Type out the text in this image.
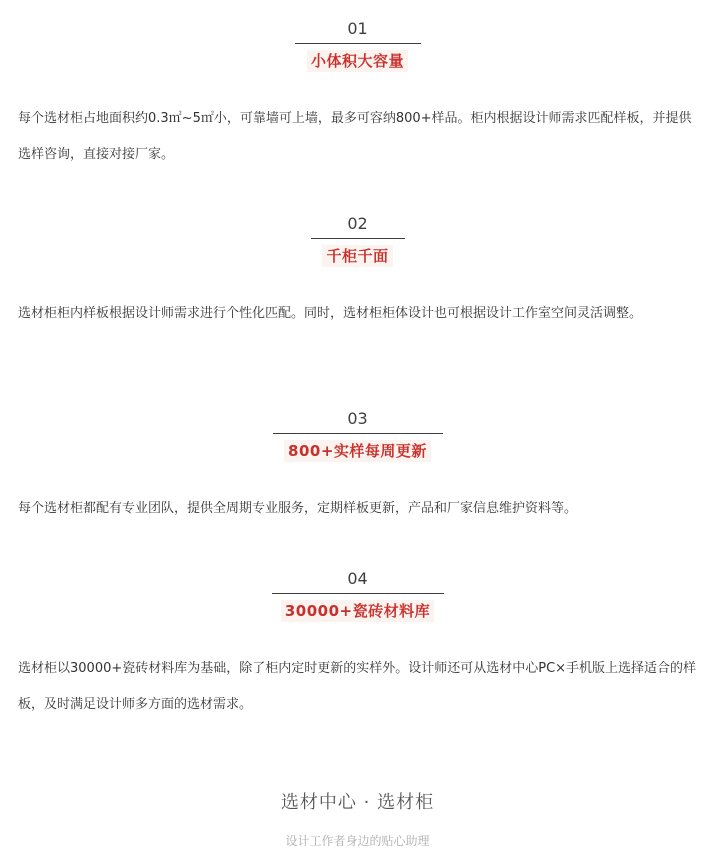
01
小体积大容量

每个选材柜占地面积约0.3㎡~5㎡小，可靠墙可上墙，最多可容纳800+样品。柜内根据设计师需求匹配样板，并提供选样咨询，直接对接厂家。

02
千柜千面

选材柜柜内样板根据设计师需求进行个性化匹配。同时，选材柜柜体设计也可根据设计工作室空间灵活调整。

03
800+实样每周更新

每个选材柜都配有专业团队，提供全周期专业服务，定期样板更新，产品和厂家信息维护资料等。

04
30000+瓷砖材料库

选材柜以30000+瓷砖材料库为基础，除了柜内定时更新的实样外。设计师还可从选材中心PC×手机版上选择适合的样板，及时满足设计师多方面的选材需求。

选材中心 · 选材柜
设计工作者身边的贴心助理
